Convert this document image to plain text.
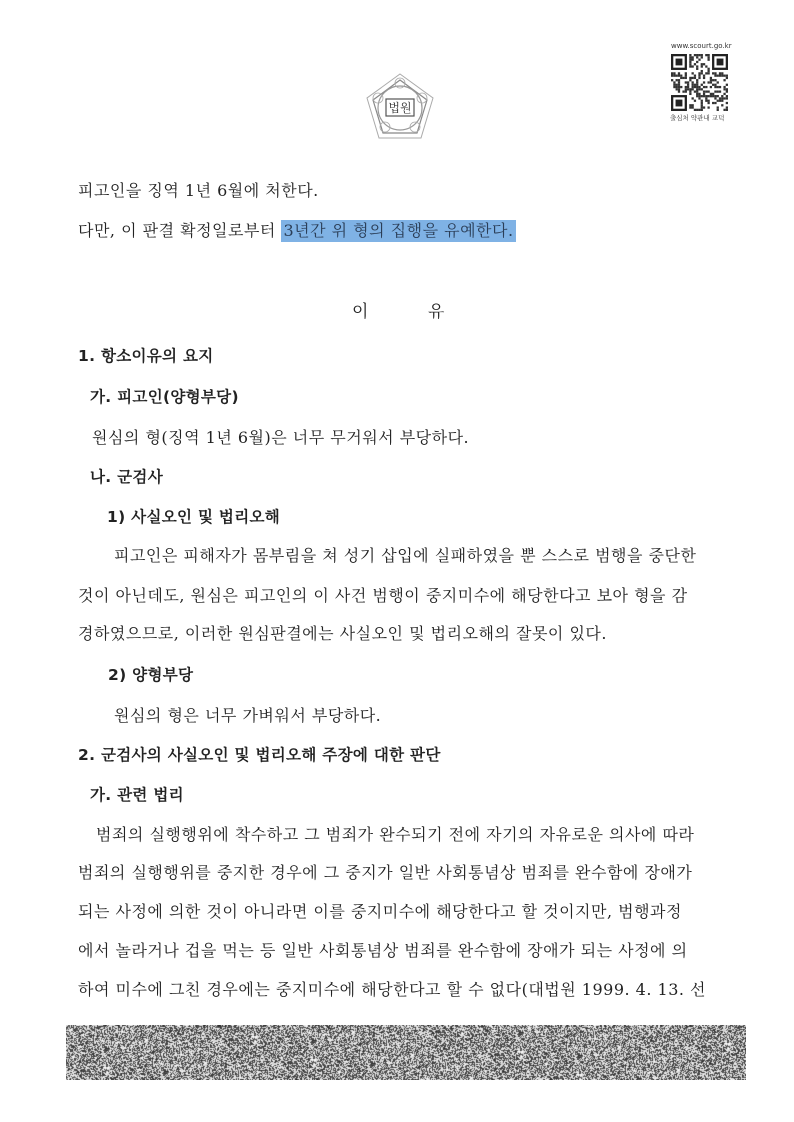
www.scourt.go.kr
출심처 약관내 교덕
법원
피고인을 징역 1년 6월에 처한다.
다만, 이 판결 확정일로부터 3년간 위 형의 집행을 유예한다.
이	유
1. 항소이유의 요지
가. 피고인(양형부당)
원심의 형(징역 1년 6월)은 너무 무거워서 부당하다.
나. 군검사
1) 사실오인 및 법리오해
피고인은 피해자가 몸부림을 쳐 성기 삽입에 실패하였을 뿐 스스로 범행을 중단한
것이 아닌데도, 원심은 피고인의 이 사건 범행이 중지미수에 해당한다고 보아 형을 감
경하였으므로, 이러한 원심판결에는 사실오인 및 법리오해의 잘못이 있다.
2) 양형부당
원심의 형은 너무 가벼워서 부당하다.
2. 군검사의 사실오인 및 법리오해 주장에 대한 판단
가. 관련 법리
범죄의 실행행위에 착수하고 그 범죄가 완수되기 전에 자기의 자유로운 의사에 따라
범죄의 실행행위를 중지한 경우에 그 중지가 일반 사회통념상 범죄를 완수함에 장애가
되는 사정에 의한 것이 아니라면 이를 중지미수에 해당한다고 할 것이지만, 범행과정
에서 놀라거나 겁을 먹는 등 일반 사회통념상 범죄를 완수함에 장애가 되는 사정에 의
하여 미수에 그친 경우에는 중지미수에 해당한다고 할 수 없다(대법원 1999. 4. 13. 선
